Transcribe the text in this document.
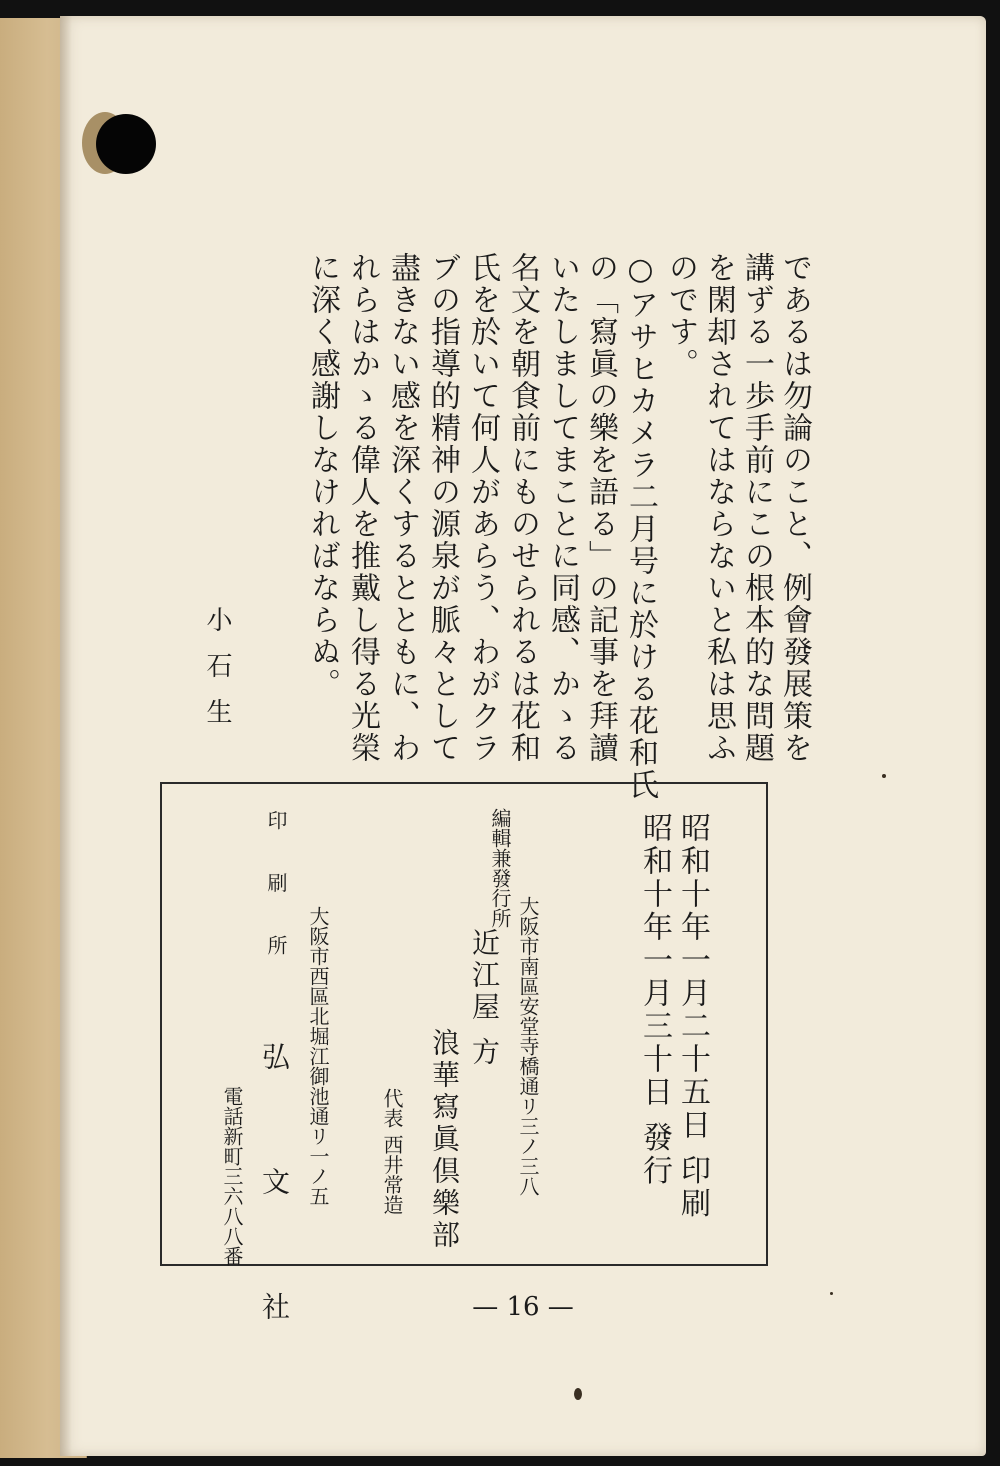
であるは勿論のこと、例會發展策を
講ずる一歩手前にこの根本的な問題
を閑却されてはならないと私は思ふ
のです。
○アサヒカメラ二月号に於ける花和氏
の「寫眞の樂を語る」の記事を拜讀
いたしましてまことに同感、かゝる
名文を朝食前にものせられるは花和
氏を於いて何人があらう、わがクラ
ブの指導的精神の源泉が脈々として
盡きない感を深くするとともに、わ
れらはかゝる偉人を推戴し得る光榮
に深く感謝しなければならぬ。
小石生
昭和十年一月二十五日 印刷
昭和十年一月三十日 發行
編輯兼發行所
大阪市南區安堂寺橋通リ三ノ三八
近江屋 方
浪華寫眞倶樂部
代表 西井常造
印 刷 所
大阪市西區北堀江御池通リ一ノ五
弘 文 社
電話新町三六八八番
— 16 —
